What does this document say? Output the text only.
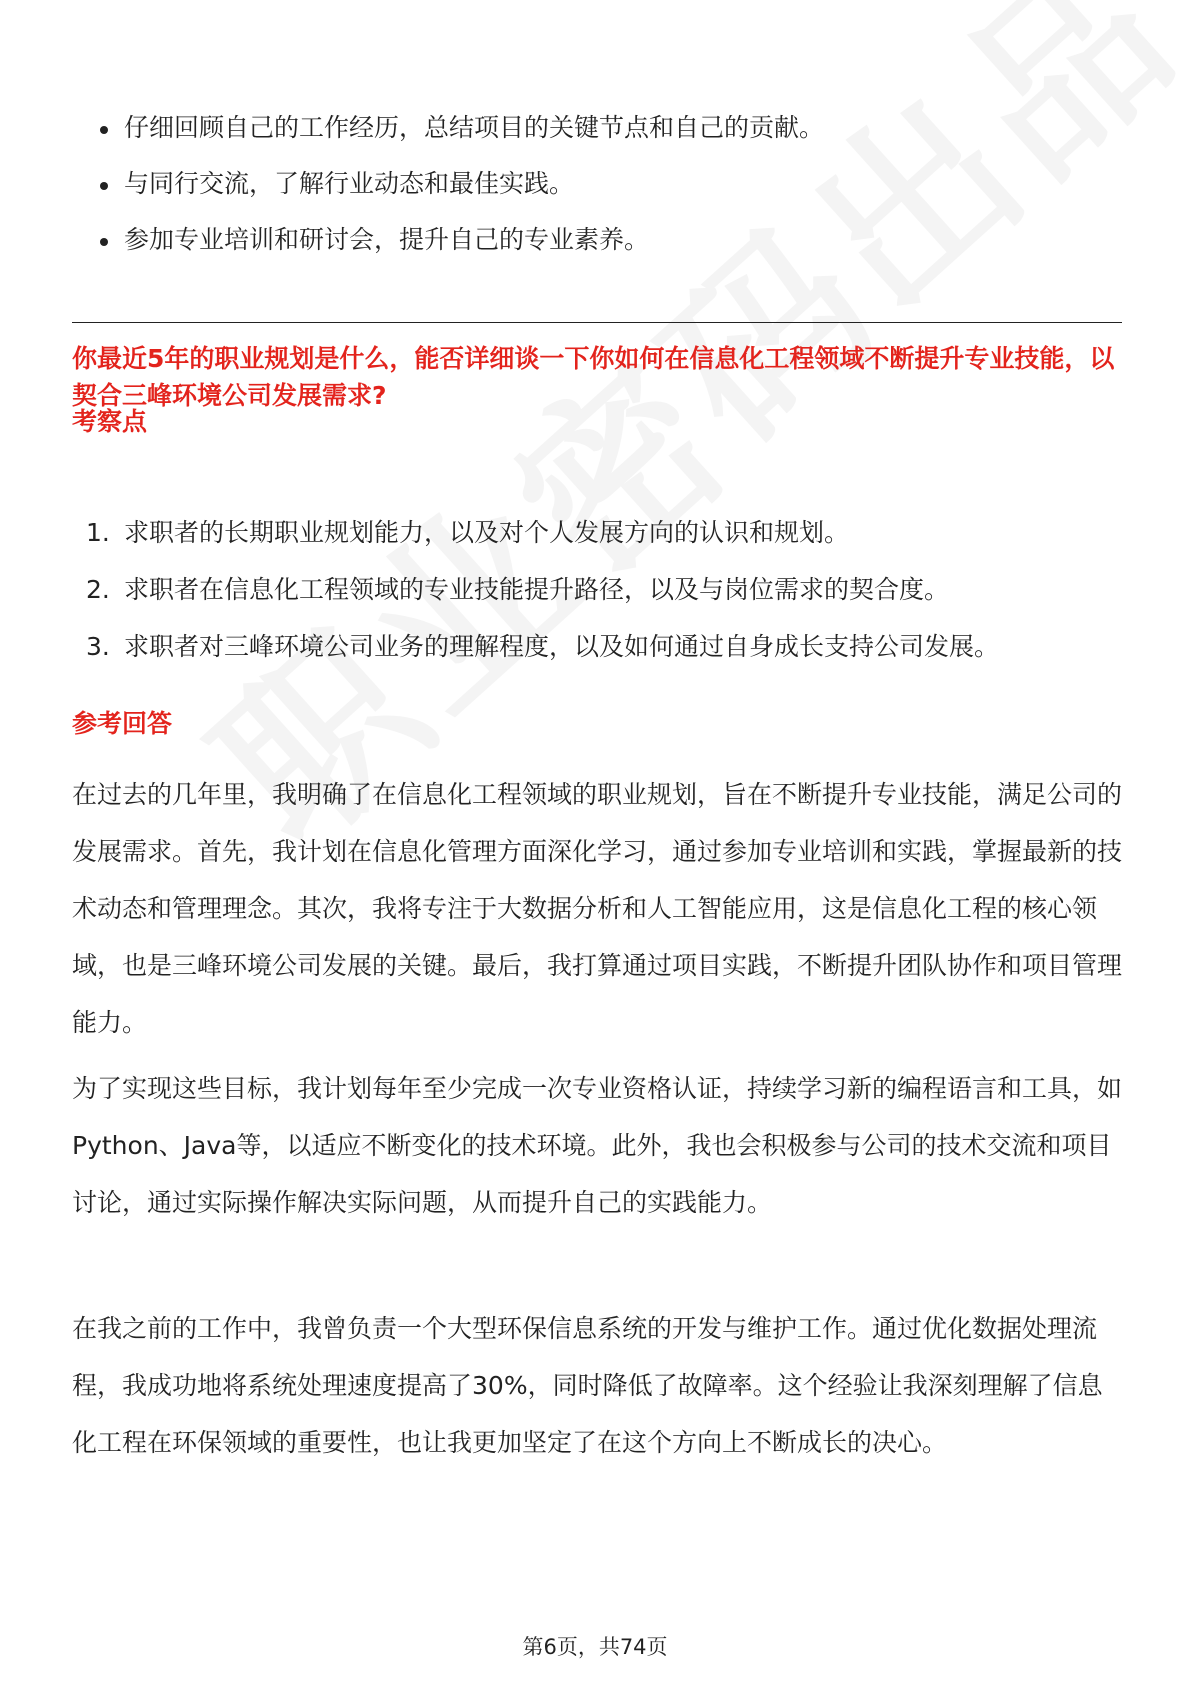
仔细回顾自己的工作经历，总结项目的关键节点和自己的贡献。
与同行交流，了解行业动态和最佳实践。
参加专业培训和研讨会，提升自己的专业素养。
你最近5年的职业规划是什么，能否详细谈一下你如何在信息化工程领域不断提升专业技能，以契合三峰环境公司发展需求?
考察点
1. 求职者的长期职业规划能力，以及对个人发展方向的认识和规划。
2. 求职者在信息化工程领域的专业技能提升路径，以及与岗位需求的契合度。
3. 求职者对三峰环境公司业务的理解程度，以及如何通过自身成长支持公司发展。
参考回答

在过去的几年里，我明确了在信息化工程领域的职业规划，旨在不断提升专业技能，满足公司的发展需求。首先，我计划在信息化管理方面深化学习，通过参加专业培训和实践，掌握最新的技术动态和管理理念。其次，我将专注于大数据分析和人工智能应用，这是信息化工程的核心领域，也是三峰环境公司发展的关键。最后，我打算通过项目实践，不断提升团队协作和项目管理能力。

为了实现这些目标，我计划每年至少完成一次专业资格认证，持续学习新的编程语言和工具，如Python、Java等，以适应不断变化的技术环境。此外，我也会积极参与公司的技术交流和项目讨论，通过实际操作解决实际问题，从而提升自己的实践能力。

在我之前的工作中，我曾负责一个大型环保信息系统的开发与维护工作。通过优化数据处理流程，我成功地将系统处理速度提高了30%，同时降低了故障率。这个经验让我深刻理解了信息化工程在环保领域的重要性，也让我更加坚定了在这个方向上不断成长的决心。

第6页，共74页
